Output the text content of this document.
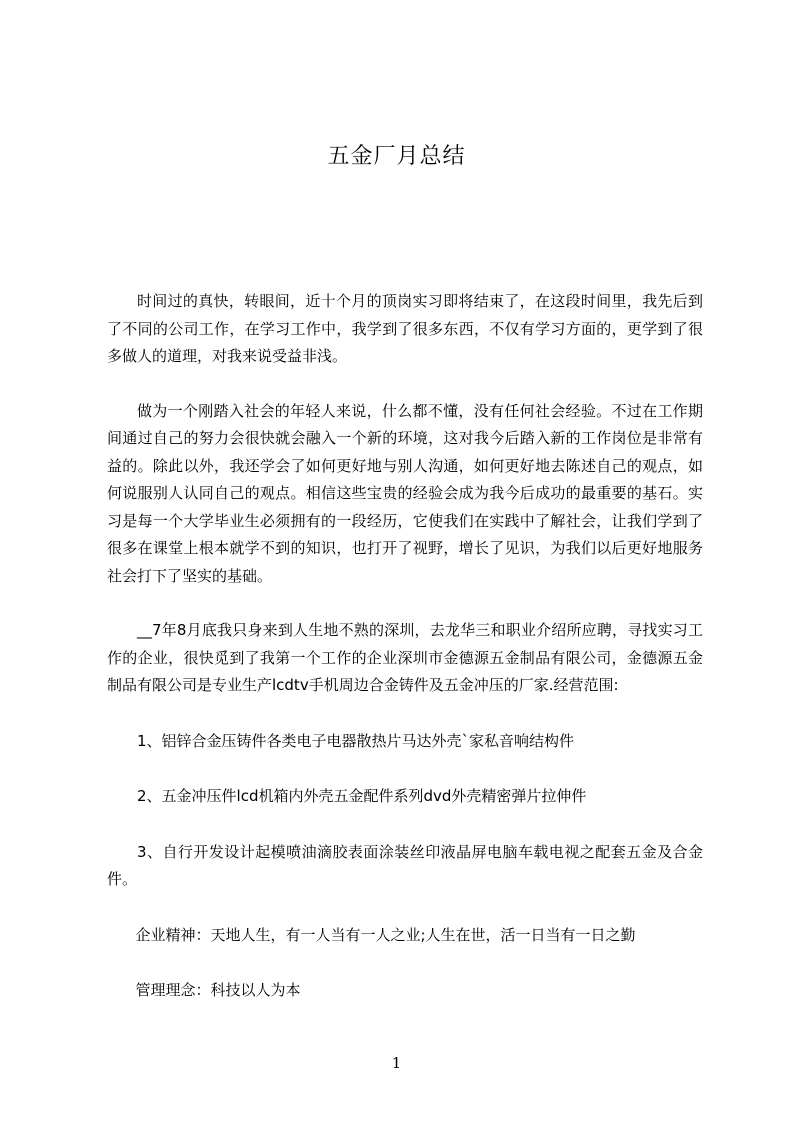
五金厂月总结

时间过的真快，转眼间，近十个月的顶岗实习即将结束了，在这段时间里，我先后到了不同的公司工作，在学习工作中，我学到了很多东西，不仅有学习方面的，更学到了很多做人的道理，对我来说受益非浅。

做为一个刚踏入社会的年轻人来说，什么都不懂，没有任何社会经验。不过在工作期间通过自己的努力会很快就会融入一个新的环境，这对我今后踏入新的工作岗位是非常有益的。除此以外，我还学会了如何更好地与别人沟通，如何更好地去陈述自己的观点，如何说服别人认同自己的观点。相信这些宝贵的经验会成为我今后成功的最重要的基石。实习是每一个大学毕业生必须拥有的一段经历，它使我们在实践中了解社会，让我们学到了很多在课堂上根本就学不到的知识，也打开了视野，增长了见识，为我们以后更好地服务社会打下了坚实的基础。

__7年8月底我只身来到人生地不熟的深圳，去龙华三和职业介绍所应聘，寻找实习工作的企业，很快觅到了我第一个工作的企业深圳市金德源五金制品有限公司，金德源五金制品有限公司是专业生产lcdtv手机周边合金铸件及五金冲压的厂家.经营范围:

1、铝锌合金压铸件各类电子电器散热片马达外壳`家私音响结构件

2、五金冲压件lcd机箱内外壳五金配件系列dvd外壳精密弹片拉伸件

3、自行开发设计起模喷油滴胶表面涂装丝印液晶屏电脑车载电视之配套五金及合金件。

企业精神：天地人生，有一人当有一人之业;人生在世，活一日当有一日之勤

管理理念：科技以人为本

1
